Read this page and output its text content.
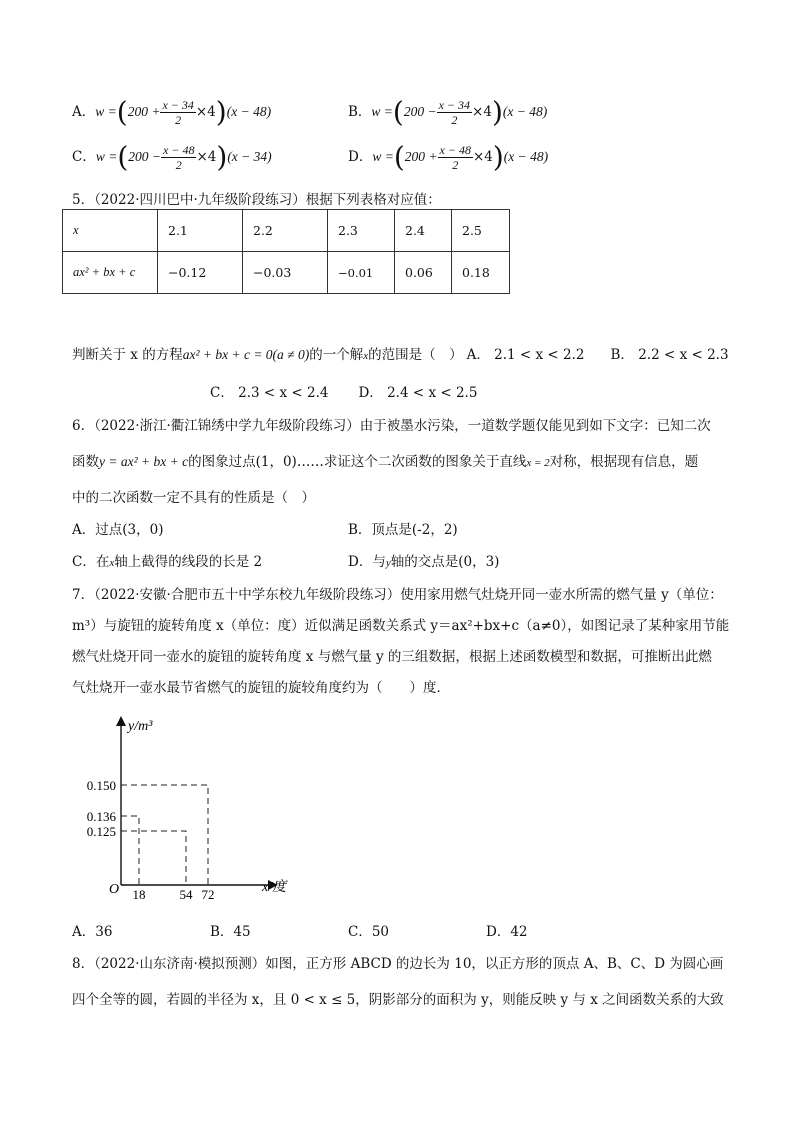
A．$w =(200 + \frac{x - 34}{2} \times 4)(x - 48)$	B．$w =(200 - \frac{x - 34}{2} \times 4)(x - 48)$
C．$w =(200 - \frac{x - 48}{2} \times 4)(x - 34)$	D．$w =(200 + \frac{x - 48}{2} \times 4)(x - 48)$
5．（2022·四川巴中·九年级阶段练习）根据下列表格对应值：
x	2.1	2.2	2.3	2.4	2.5
ax² + bx + c	−0.12	−0.03	−0.01	0.06	0.18
判断关于 x 的方程ax² + bx + c = 0(a ≠ 0)的一个解x的范围是（　） A． 2.1 < x < 2.2 B． 2.2 < x < 2.3
C． 2.3 < x < 2.4 D． 2.4 < x < 2.5
6．（2022·浙江·衢江锦绣中学九年级阶段练习）由于被墨水污染，一道数学题仅能见到如下文字：已知二次
函数y = ax² + bx + c的图象过点(1，0)……求证这个二次函数的图象关于直线x = 2对称，根据现有信息，题
中的二次函数一定不具有的性质是（　）
A．过点(3，0)	B．顶点是(-2，2)
C．在x轴上截得的线段的长是 2	D．与y轴的交点是(0，3)
7．（2022·安徽·合肥市五十中学东校九年级阶段练习）使用家用燃气灶烧开同一壶水所需的燃气量 y（单位：
m³）与旋钮的旋转角度 x（单位：度）近似满足函数关系式 y＝ax²+bx+c（a≠0），如图记录了某种家用节能
燃气灶烧开同一壶水的旋钮的旋转角度 x 与燃气量 y 的三组数据，根据上述函数模型和数据，可推断出此燃
气灶烧开一壶水最节省燃气的旋钮的旋较角度约为（　　）度．
18	54 72
0.125
0.136
0.150
O
y/m³
x/度
A．36	B．45	C．50	D．42
8．（2022·山东济南·模拟预测）如图，正方形 ABCD 的边长为 10，以正方形的顶点 A、B、C、D 为圆心画
四个全等的圆，若圆的半径为 x，且 0 < x ≤ 5，阴影部分的面积为 y，则能反映 y 与 x 之间函数关系的大致
